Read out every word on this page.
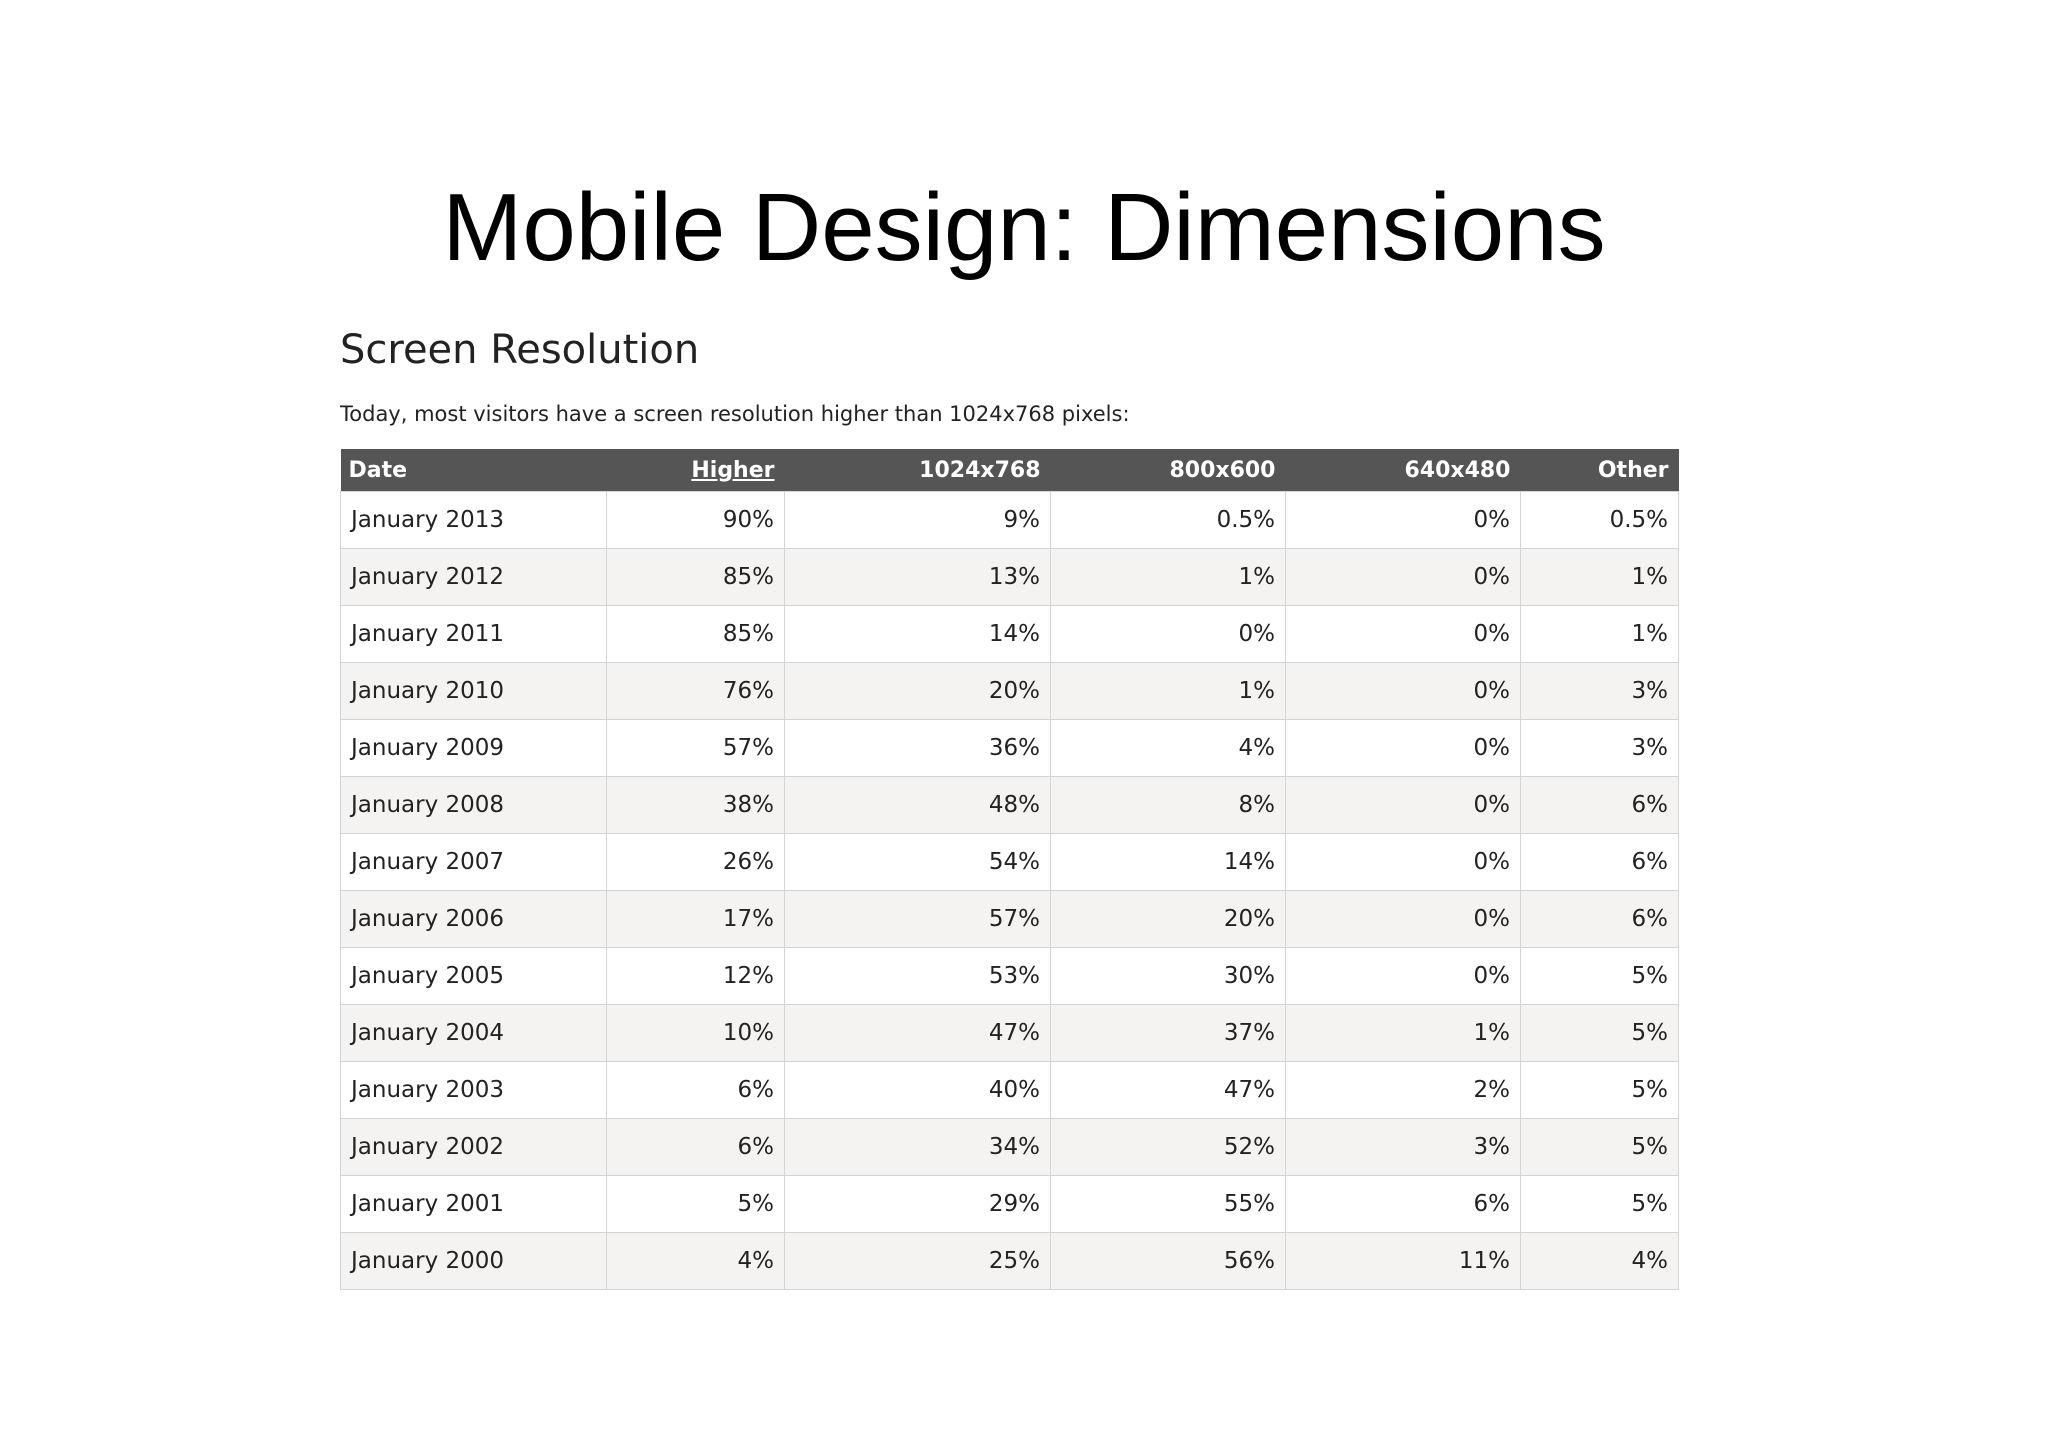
Mobile Design: Dimensions
Screen Resolution

Today, most visitors have a screen resolution higher than 1024x768 pixels:

Date	Higher	1024x768	800x600	640x480	Other
January 2013	90%	9%	0.5%	0%	0.5%
January 2012	85%	13%	1%	0%	1%
January 2011	85%	14%	0%	0%	1%
January 2010	76%	20%	1%	0%	3%
January 2009	57%	36%	4%	0%	3%
January 2008	38%	48%	8%	0%	6%
January 2007	26%	54%	14%	0%	6%
January 2006	17%	57%	20%	0%	6%
January 2005	12%	53%	30%	0%	5%
January 2004	10%	47%	37%	1%	5%
January 2003	6%	40%	47%	2%	5%
January 2002	6%	34%	52%	3%	5%
January 2001	5%	29%	55%	6%	5%
January 2000	4%	25%	56%	11%	4%
